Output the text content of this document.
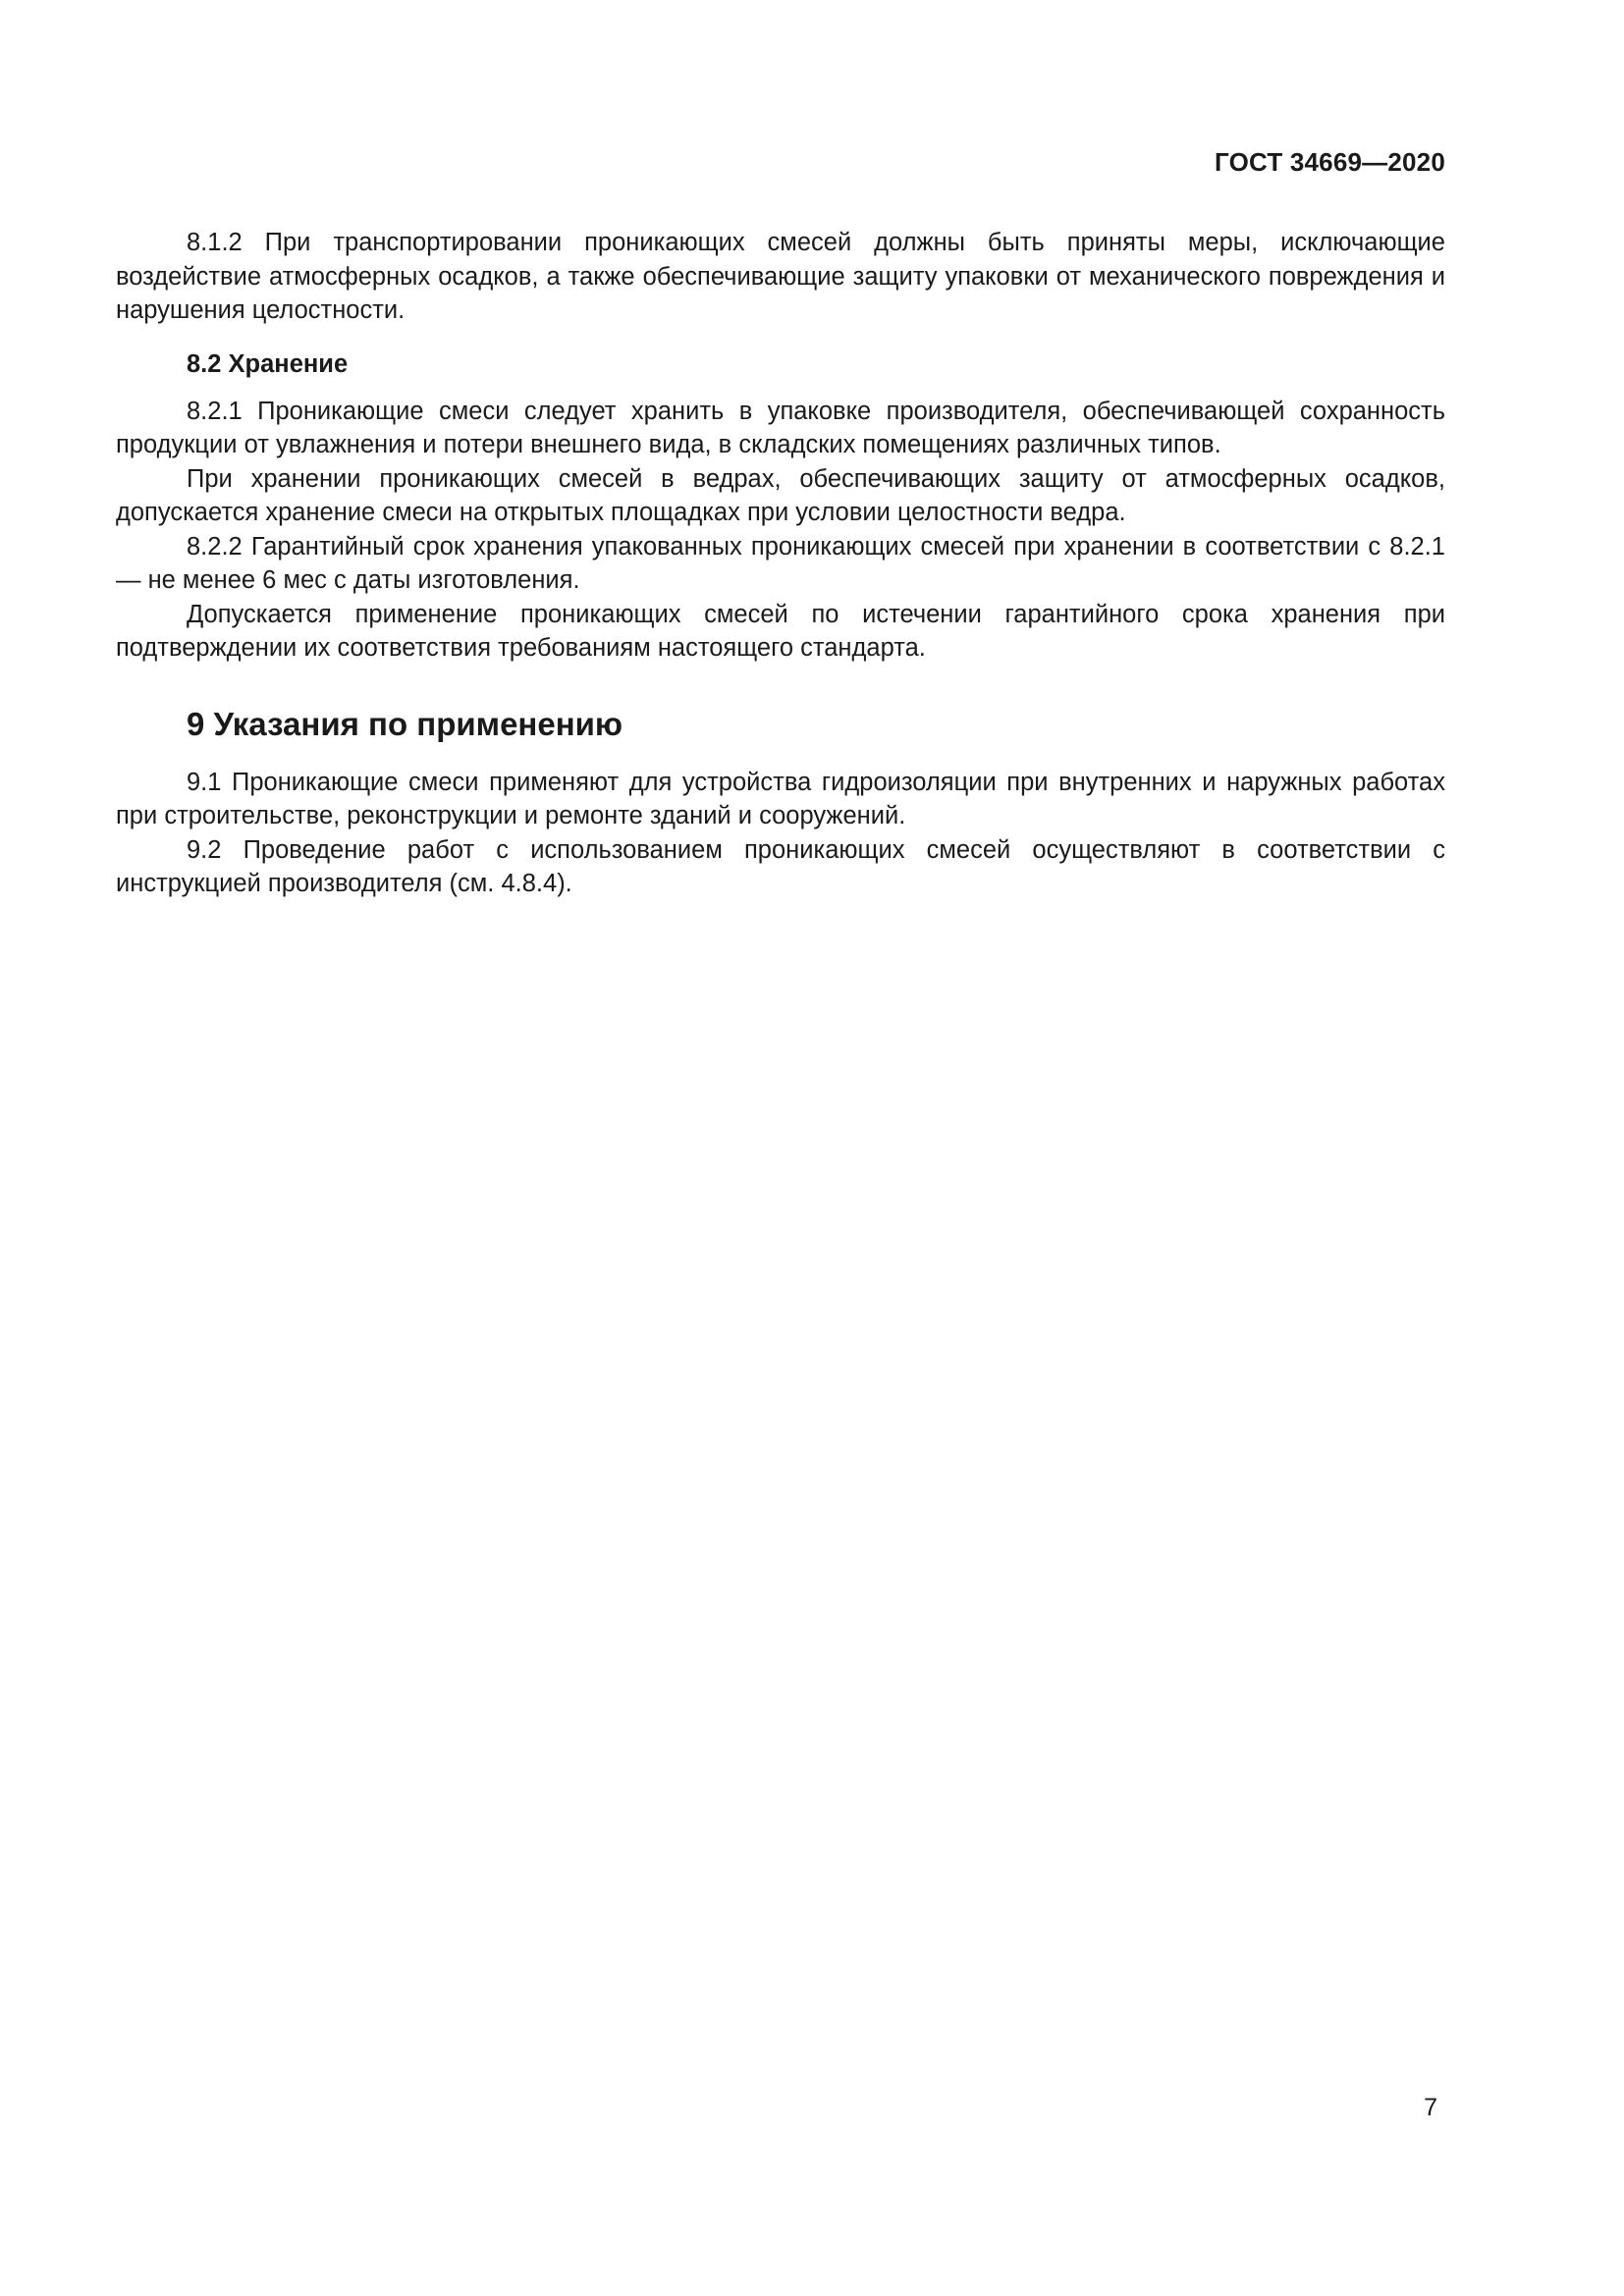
ГОСТ 34669—2020

8.1.2 При транспортировании проникающих смесей должны быть приняты меры, исключающие воздействие атмосферных осадков, а также обеспечивающие защиту упаковки от механического повреждения и нарушения целостности.

8.2 Хранение

8.2.1 Проникающие смеси следует хранить в упаковке производителя, обеспечивающей сохранность продукции от увлажнения и потери внешнего вида, в складских помещениях различных типов.

При хранении проникающих смесей в ведрах, обеспечивающих защиту от атмосферных осадков, допускается хранение смеси на открытых площадках при условии целостности ведра.

8.2.2 Гарантийный срок хранения упакованных проникающих смесей при хранении в соответствии с 8.2.1 — не менее 6 мес с даты изготовления.

Допускается применение проникающих смесей по истечении гарантийного срока хранения при подтверждении их соответствия требованиям настоящего стандарта.

9 Указания по применению

9.1 Проникающие смеси применяют для устройства гидроизоляции при внутренних и наружных работах при строительстве, реконструкции и ремонте зданий и сооружений.

9.2 Проведение работ с использованием проникающих смесей осуществляют в соответствии с инструкцией производителя (см. 4.8.4).

7
